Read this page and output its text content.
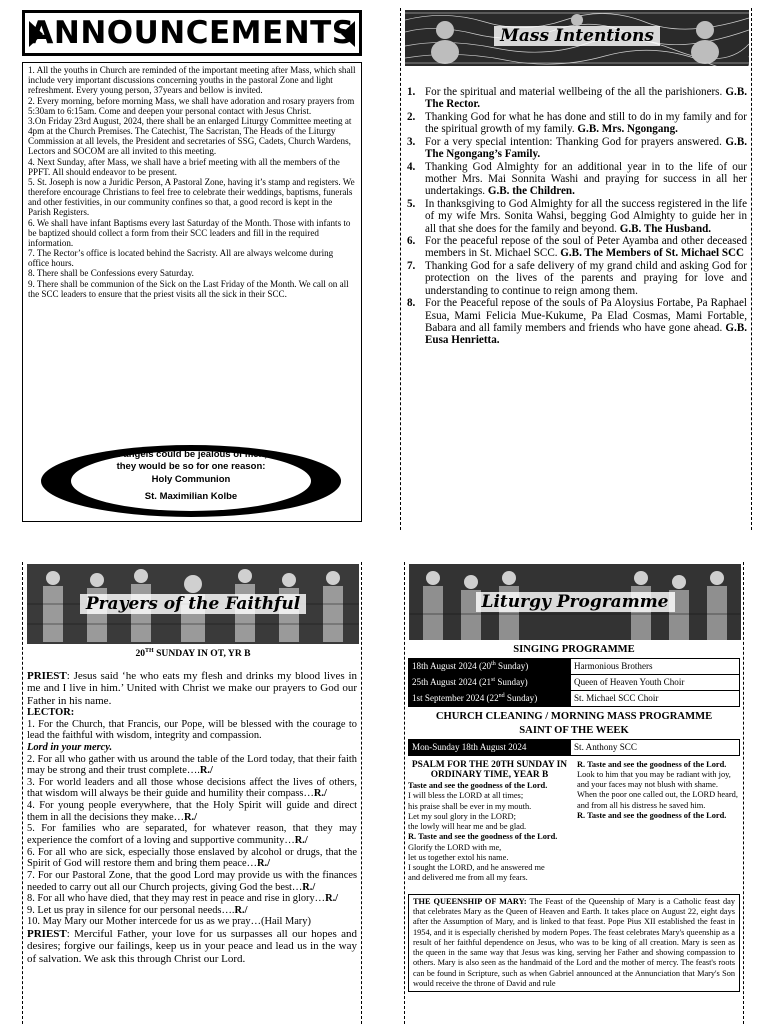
ANNOUNCEMENTS

1. All the youths in Church are reminded of the important meeting after Mass, which shall include very important discussions concerning youths in the pastoral Zone and light refreshment. Every young person, 37years and bellow is invited.

2. Every morning, before morning Mass, we shall have adoration and rosary prayers from 5:30am to 6:15am. Come and deepen your personal contact with Jesus Christ.

3.On Friday 23rd August, 2024, there shall be an enlarged Liturgy Committee meeting at 4pm at the Church Premises. The Catechist, The Sacristan, The Heads of the Liturgy Commission at all levels, the President and secretaries of SSG, Cadets, Church Wardens, Lectors and SOCOM are all invited to this meeting.

4. Next Sunday, after Mass, we shall have a brief meeting with all the members of the PPFT. All should endeavor to be present.

5. St. Joseph is now a Juridic Person, A Pastoral Zone, having it’s stamp and registers. We therefore encourage Christians to feel free to celebrate their weddings, baptisms, funerals and other festivities, in our community confines so that, a good record is kept in the Parish Registers.

6. We shall have infant Baptisms every last Saturday of the Month. Those with infants to be baptized should collect a form from their SCC leaders and fill in the required information.

7. The Rector’s office is located behind the Sacristy. All are always welcome during office hours.

8. There shall be Confessions every Saturday.

9. There shall be communion of the Sick on the Last Friday of the Month. We call on all the SCC leaders to ensure that the priest visits all the sick in their SCC.

If angels could be jealous of men,
they would be so for one reason:
Holy Communion
St. Maximilian Kolbe
Mass Intentions
1. For the spiritual and material wellbeing of the all the parishioners. G.B. The Rector.
2. Thanking God for what he has done and still to do in my family and for the spiritual growth of my family. G.B. Mrs. Ngongang.
3. For a very special intention: Thanking God for prayers answered. G.B. The Ngongang’s Family.
4. Thanking God Almighty for an additional year in to the life of our mother Mrs. Mai Sonnita Washi and praying for success in all her undertakings. G.B. the Children.
5. In thanksgiving to God Almighty for all the success registered in the life of my wife Mrs. Sonita Wahsi, begging God Almighty to guide her in all that she does for the family and beyond. G.B. The Husband.
6. For the peaceful repose of the soul of Peter Ayamba and other deceased members in St. Michael SCC. G.B. The Members of St. Michael SCC
7. Thanking God for a safe delivery of my grand child and asking God for protection on the lives of the parents and praying for love and understanding to continue to reign among them.
8. For the Peaceful repose of the souls of Pa Aloysius Fortabe, Pa Raphael Esua, Mami Felicia Mue-Kukume, Pa Elad Cosmas, Mami Fortable, Babara and all family members and friends who have gone ahead. G.B. Eusa Henrietta.
Prayers of the Faithful
20TH SUNDAY IN OT, YR B

PRIEST: Jesus said ‘he who eats my flesh and drinks my blood lives in me and I live in him.’ United with Christ we make our prayers to God our Father in his name.

LECTOR:

1. For the Church, that Francis, our Pope, will be blessed with the courage to lead the faithful with wisdom, integrity and compassion.

Lord in your mercy.

2. For all who gather with us around the table of the Lord today, that their faith may be strong and their trust complete….R./

3. For world leaders and all those whose decisions affect the lives of others, that wisdom will always be their guide and humility their compass…R./

4. For young people everywhere, that the Holy Spirit will guide and direct them in all the decisions they make…R./

5. For families who are separated, for whatever reason, that they may experience the comfort of a loving and supportive community…R./

6. For all who are sick, especially those enslaved by alcohol or drugs, that the Spirit of God will restore them and bring them peace…R./

7. For our Pastoral Zone, that the good Lord may provide us with the finances needed to carry out all our Church projects, giving God the best…R./

8. For all who have died, that they may rest in peace and rise in glory…R./

9. Let us pray in silence for our personal needs….R./

10. May Mary our Mother intercede for us as we pray…(Hail Mary)

PRIEST: Merciful Father, your love for us surpasses all our hopes and desires; forgive our failings, keep us in your peace and lead us in the way of salvation. We ask this through Christ our Lord.

Liturgy Programme
SINGING PROGRAMME
18th August 2024 (20th Sunday)	Harmonious Brothers
25th August 2024 (21st Sunday)	Queen of Heaven Youth Choir
1st September 2024 (22nd Sunday)	St. Michael SCC Choir
CHURCH CLEANING / MORNING MASS PROGRAMME
SAINT OF THE WEEK
Mon-Sunday 18th August 2024	St. Anthony SCC
PSALM FOR THE 20TH SUNDAY IN ORDINARY TIME, YEAR B
Taste and see the goodness of the Lord.
I will bless the LORD at all times;
his praise shall be ever in my mouth.
Let my soul glory in the LORD;
the lowly will hear me and be glad.
R. Taste and see the goodness of the Lord.
Glorify the LORD with me,
let us together extol his name.
I sought the LORD, and he answered me
and delivered me from all my fears.
R. Taste and see the goodness of the Lord.
Look to him that you may be radiant with joy,
and your faces may not blush with shame.
When the poor one called out, the LORD heard,
and from all his distress he saved him.
R. Taste and see the goodness of the Lord.
THE QUEENSHIP OF MARY: The Feast of the Queenship of Mary is a Catholic feast day that celebrates Mary as the Queen of Heaven and Earth. It takes place on August 22, eight days after the Assumption of Mary, and is linked to that feast. Pope Pius XII established the feast in 1954, and it is especially cherished by modern Popes. The feast celebrates Mary's queenship as a result of her faithful dependence on Jesus, who was to be king of all creation. Mary is seen as the queen in the same way that Jesus was king, serving her Father and showing compassion to others. Mary is also seen as the handmaid of the Lord and the mother of mercy. The feast's roots can be found in Scripture, such as when Gabriel announced at the Annunciation that Mary's Son would receive the throne of David and rule
